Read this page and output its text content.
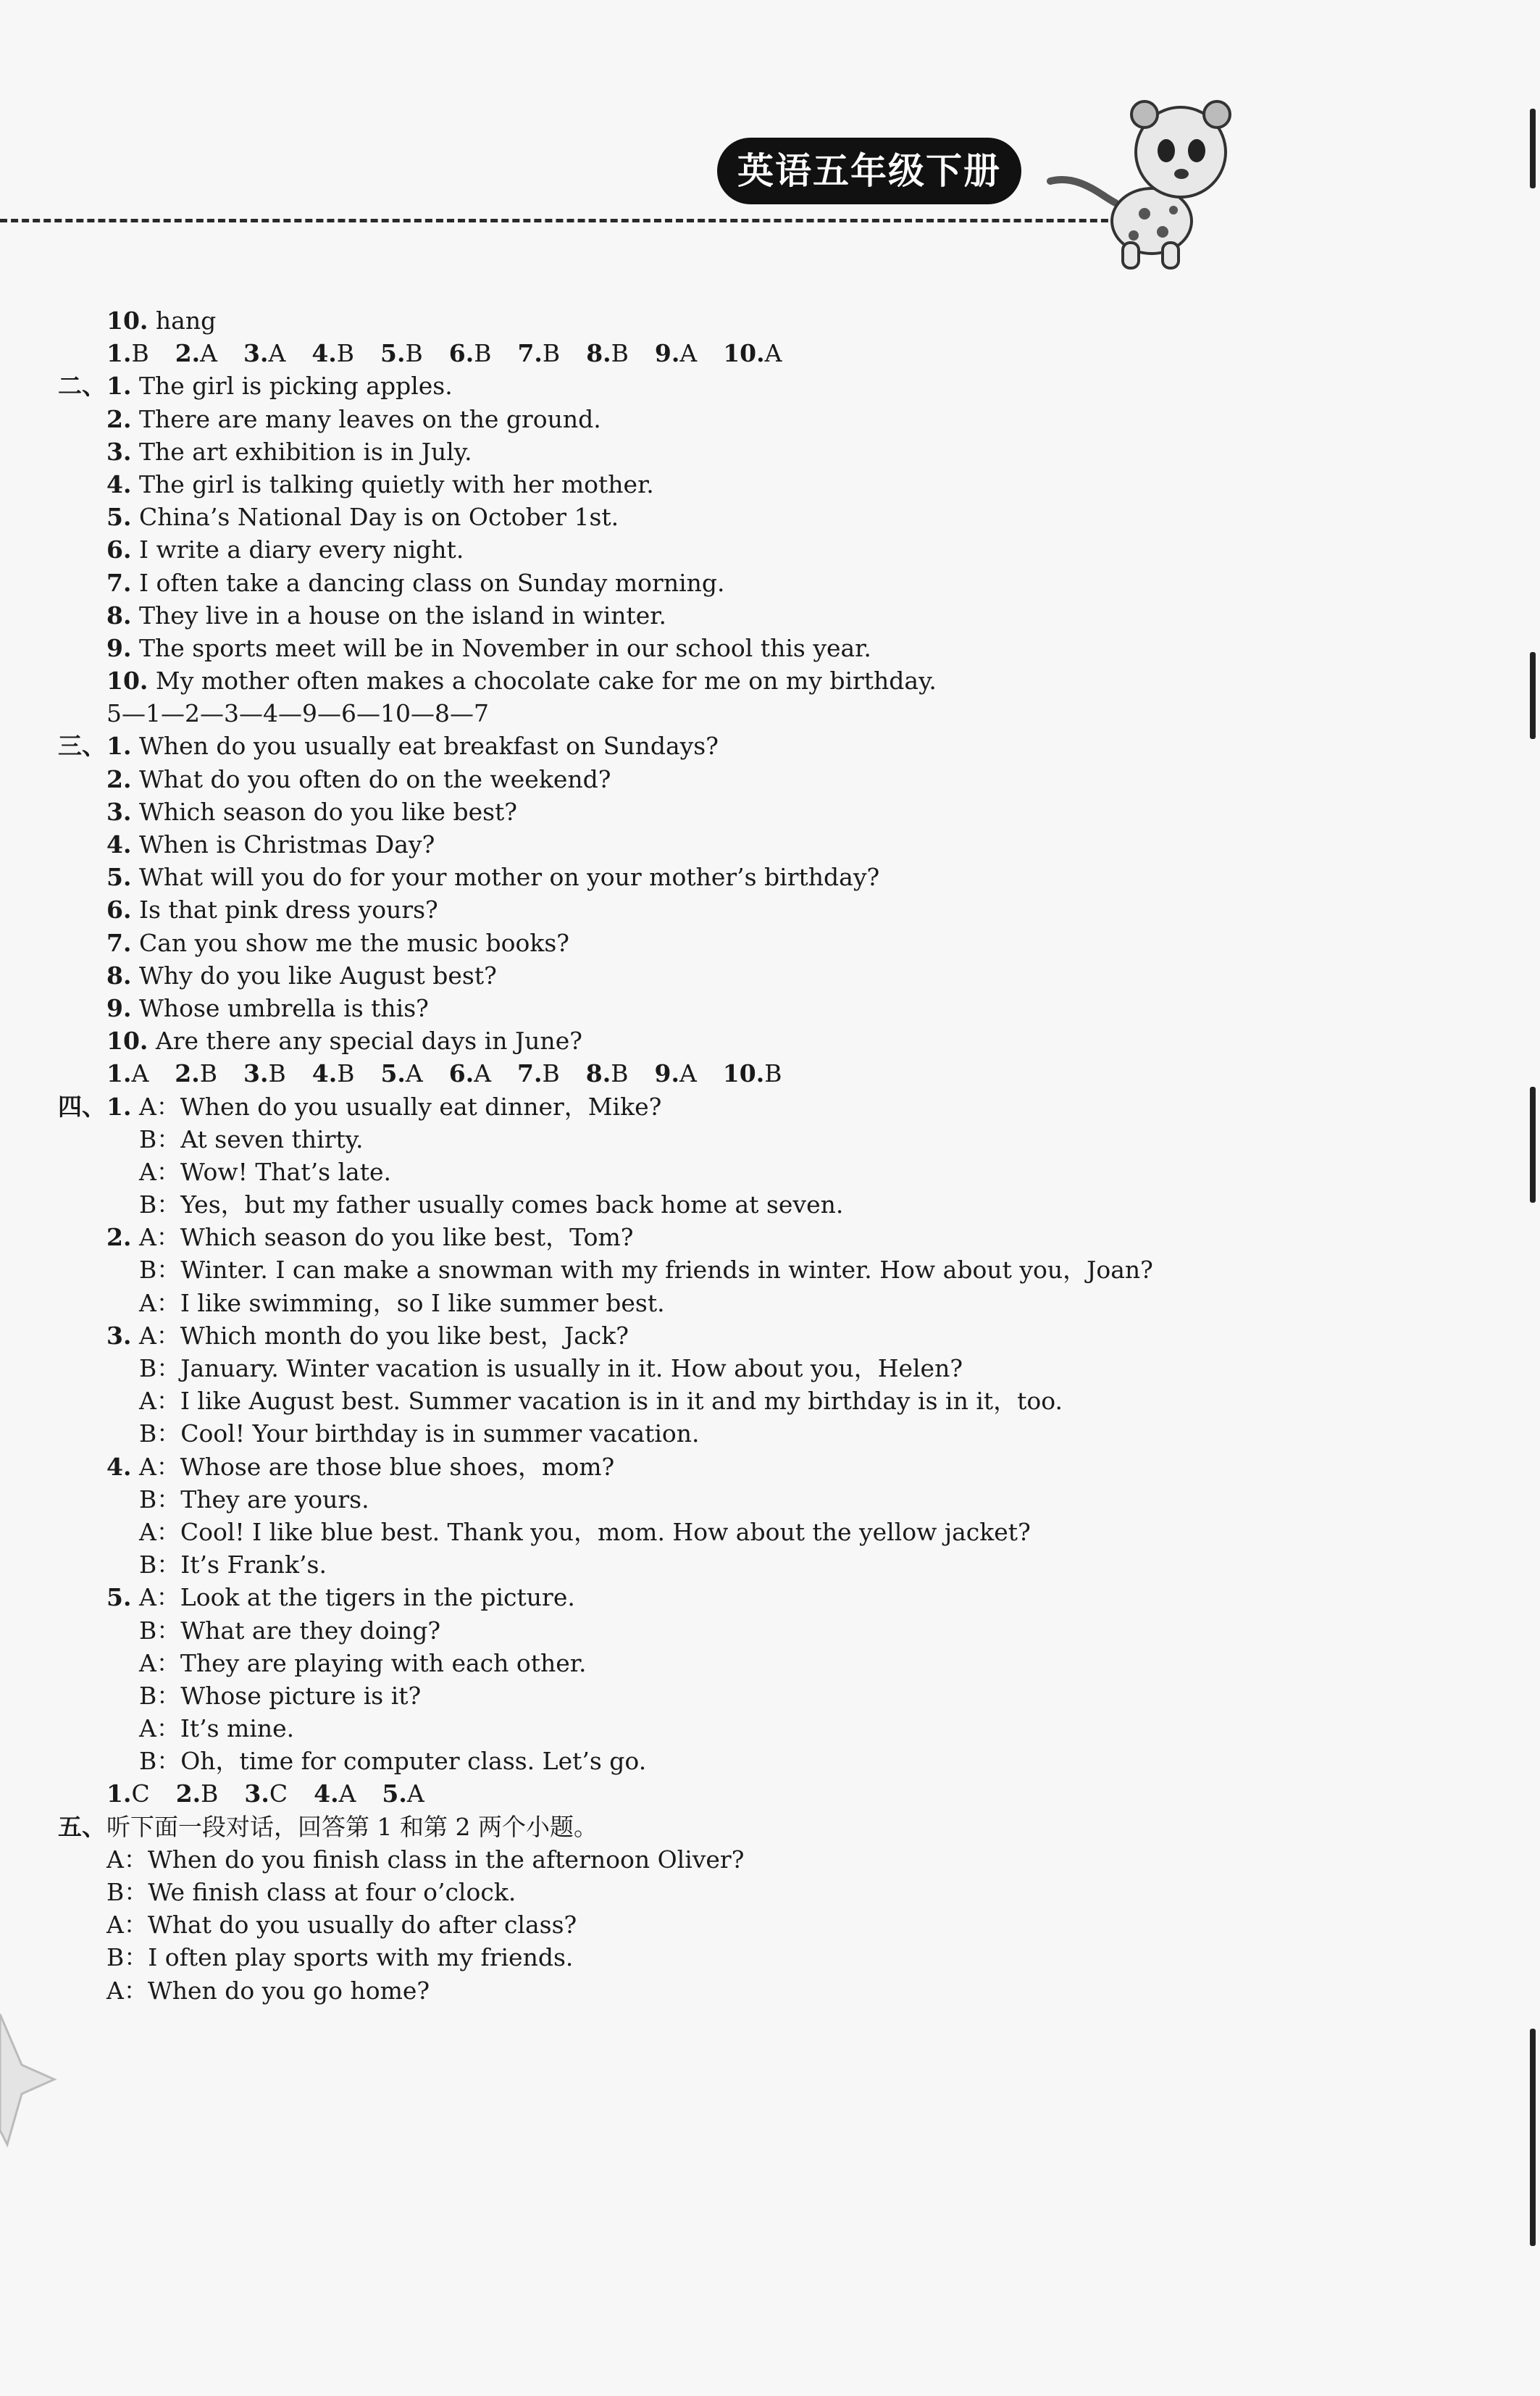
英语五年级下册
10. hang
1.B 2.A 3.A 4.B 5.B 6.B 7.B 8.B 9.A 10.A
二、1. The girl is picking apples.
2. There are many leaves on the ground.
3. The art exhibition is in July.
4. The girl is talking quietly with her mother.
5. China’s National Day is on October 1st.
6. I write a diary every night.
7. I often take a dancing class on Sunday morning.
8. They live in a house on the island in winter.
9. The sports meet will be in November in our school this year.
10. My mother often makes a chocolate cake for me on my birthday.
5—1—2—3—4—9—6—10—8—7
三、1. When do you usually eat breakfast on Sundays?
2. What do you often do on the weekend?
3. Which season do you like best?
4. When is Christmas Day?
5. What will you do for your mother on your mother’s birthday?
6. Is that pink dress yours?
7. Can you show me the music books?
8. Why do you like August best?
9. Whose umbrella is this?
10. Are there any special days in June?
1.A 2.B 3.B 4.B 5.A 6.A 7.B 8.B 9.A 10.B
四、1. A：When do you usually eat dinner，Mike?
B：At seven thirty.
A：Wow! That’s late.
B：Yes，but my father usually comes back home at seven.
2. A：Which season do you like best，Tom?
B：Winter. I can make a snowman with my friends in winter. How about you，Joan?
A：I like swimming，so I like summer best.
3. A：Which month do you like best，Jack?
B：January. Winter vacation is usually in it. How about you，Helen?
A：I like August best. Summer vacation is in it and my birthday is in it，too.
B：Cool! Your birthday is in summer vacation.
4. A：Whose are those blue shoes，mom?
B：They are yours.
A：Cool! I like blue best. Thank you，mom. How about the yellow jacket?
B：It’s Frank’s.
5. A：Look at the tigers in the picture.
B：What are they doing?
A：They are playing with each other.
B：Whose picture is it?
A：It’s mine.
B：Oh，time for computer class. Let’s go.
1.C 2.B 3.C 4.A 5.A
五、听下面一段对话，回答第 1 和第 2 两个小题。
A：When do you finish class in the afternoon Oliver?
B：We finish class at four o’clock.
A：What do you usually do after class?
B：I often play sports with my friends.
A：When do you go home?
